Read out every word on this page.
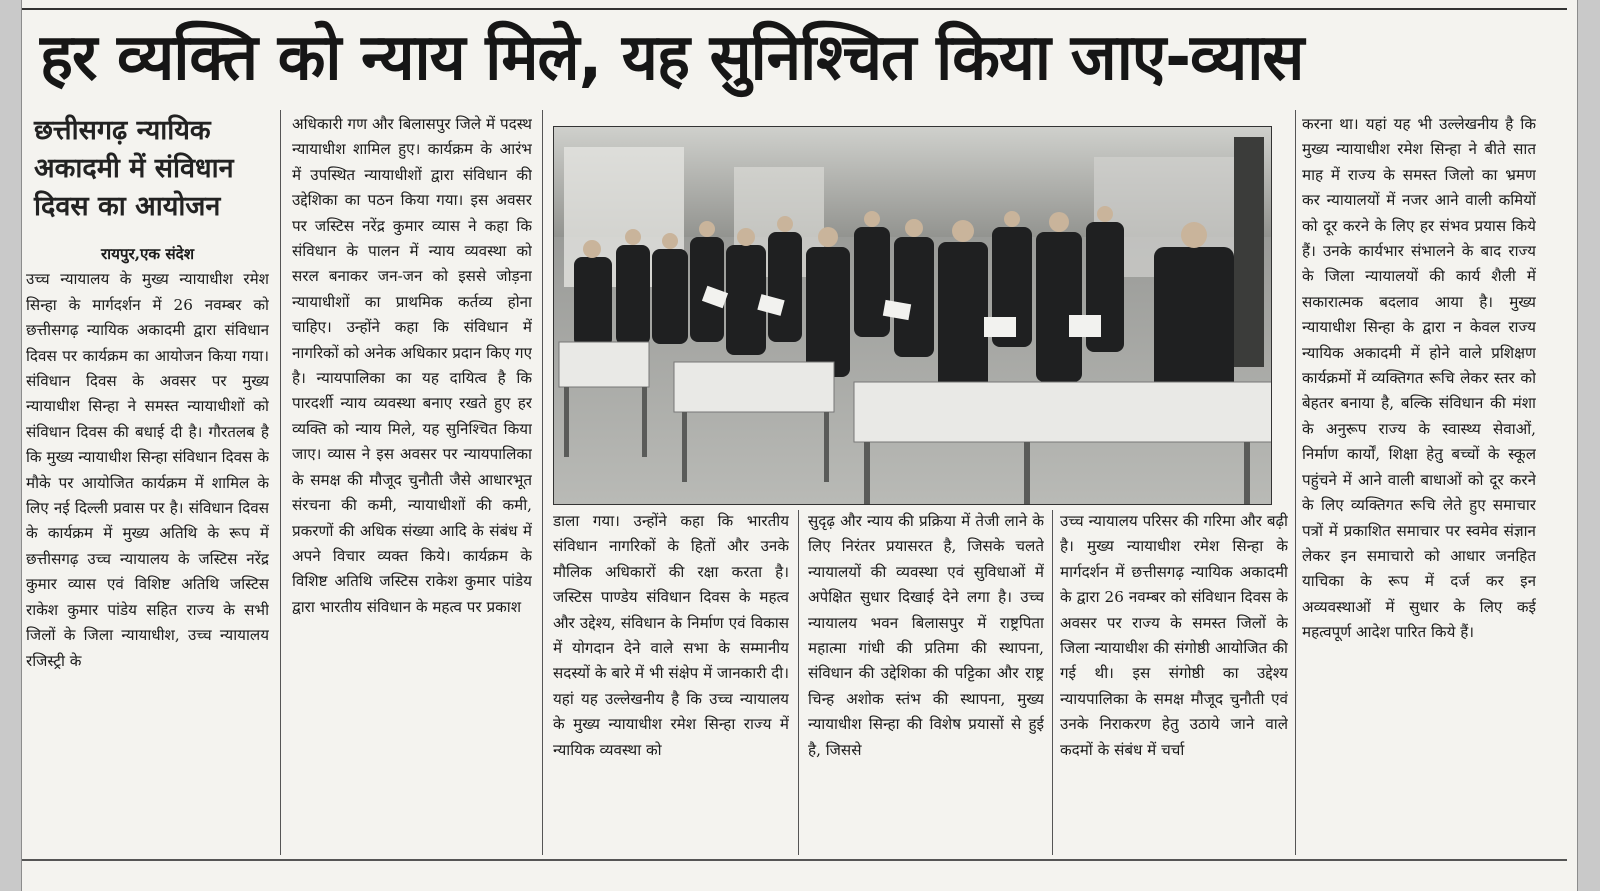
हर व्यक्ति को न्याय मिले, यह सुनिश्चित किया जाए-व्यास
छत्तीसगढ़ न्यायिक अकादमी में संविधान दिवस का आयोजन

रायपुर,एक संदेश

उच्च न्यायालय के मुख्य न्यायाधीश रमेश सिन्हा के मार्गदर्शन में 26 नवम्बर को छत्तीसगढ़ न्यायिक अकादमी द्वारा संविधान दिवस पर कार्यक्रम का आयोजन किया गया। संविधान दिवस के अवसर पर मुख्य न्यायाधीश सिन्हा ने समस्त न्यायाधीशों को संविधान दिवस की बधाई दी है। गौरतलब है कि मुख्य न्यायाधीश सिन्हा संविधान दिवस के मौके पर आयोजित कार्यक्रम में शामिल के लिए नई दिल्ली प्रवास पर है। संविधान दिवस के कार्यक्रम में मुख्य अतिथि के रूप में छत्तीसगढ़ उच्च न्यायालय के जस्टिस नरेंद्र कुमार व्यास एवं विशिष्ट अतिथि जस्टिस राकेश कुमार पांडेय सहित राज्य के सभी जिलों के जिला न्यायाधीश, उच्च न्यायालय रजिस्ट्री के

अधिकारी गण और बिलासपुर जिले में पदस्थ न्यायाधीश शामिल हुए। कार्यक्रम के आरंभ में उपस्थित न्यायाधीशों द्वारा संविधान की उद्देशिका का पठन किया गया। इस अवसर पर जस्टिस नरेंद्र कुमार व्यास ने कहा कि संविधान के पालन में न्याय व्यवस्था को सरल बनाकर जन-जन को इससे जोड़ना न्यायाधीशों का प्राथमिक कर्तव्य होना चाहिए। उन्होंने कहा कि संविधान में नागरिकों को अनेक अधिकार प्रदान किए गए है। न्यायपालिका का यह दायित्व है कि पारदर्शी न्याय व्यवस्था बनाए रखते हुए हर व्यक्ति को न्याय मिले, यह सुनिश्चित किया जाए। व्यास ने इस अवसर पर न्यायपालिका के समक्ष की मौजूद चुनौती जैसे आधारभूत संरचना की कमी, न्यायाधीशों की कमी, प्रकरणों की अधिक संख्या आदि के संबंध में अपने विचार व्यक्त किये। कार्यक्रम के विशिष्ट अतिथि जस्टिस राकेश कुमार पांडेय द्वारा भारतीय संविधान के महत्व पर प्रकाश

डाला गया। उन्होंने कहा कि भारतीय संविधान नागरिकों के हितों और उनके मौलिक अधिकारों की रक्षा करता है। जस्टिस पाण्डेय संविधान दिवस के महत्व और उद्देश्य, संविधान के निर्माण एवं विकास में योगदान देने वाले सभा के सम्मानीय सदस्यों के बारे में भी संक्षेप में जानकारी दी। यहां यह उल्लेखनीय है कि उच्च न्यायालय के मुख्य न्यायाधीश रमेश सिन्हा राज्य में न्यायिक व्यवस्था को

सुदृढ़ और न्याय की प्रक्रिया में तेजी लाने के लिए निरंतर प्रयासरत है, जिसके चलते न्यायालयों की व्यवस्था एवं सुविधाओं में अपेक्षित सुधार दिखाई देने लगा है। उच्च न्यायालय भवन बिलासपुर में राष्ट्रपिता महात्मा गांधी की प्रतिमा की स्थापना, संविधान की उद्देशिका की पट्टिका और राष्ट्र चिन्ह अशोक स्तंभ की स्थापना, मुख्य न्यायाधीश सिन्हा की विशेष प्रयासों से हुई है, जिससे

उच्च न्यायालय परिसर की गरिमा और बढ़ी है। मुख्य न्यायाधीश रमेश सिन्हा के मार्गदर्शन में छत्तीसगढ़ न्यायिक अकादमी के द्वारा 26 नवम्बर को संविधान दिवस के अवसर पर राज्य के समस्त जिलों के जिला न्यायाधीश की संगोष्ठी आयोजित की गई थी। इस संगोष्ठी का उद्देश्य न्यायपालिका के समक्ष मौजूद चुनौती एवं उनके निराकरण हेतु उठाये जाने वाले कदमों के संबंध में चर्चा

करना था। यहां यह भी उल्लेखनीय है कि मुख्य न्यायाधीश रमेश सिन्हा ने बीते सात माह में राज्य के समस्त जिलो का भ्रमण कर न्यायालयों में नजर आने वाली कमियों को दूर करने के लिए हर संभव प्रयास किये हैं। उनके कार्यभार संभालने के बाद राज्य के जिला न्यायालयों की कार्य शैली में सकारात्मक बदलाव आया है। मुख्य न्यायाधीश सिन्हा के द्वारा न केवल राज्य न्यायिक अकादमी में होने वाले प्रशिक्षण कार्यक्रमों में व्यक्तिगत रूचि लेकर स्तर को बेहतर बनाया है, बल्कि संविधान की मंशा के अनुरूप राज्य के स्वास्थ्य सेवाओं, निर्माण कार्यों, शिक्षा हेतु बच्चों के स्कूल पहुंचने में आने वाली बाधाओं को दूर करने के लिए व्यक्तिगत रूचि लेते हुए समाचार पत्रों में प्रकाशित समाचार पर स्वमेव संज्ञान लेकर इन समाचारो को आधार जनहित याचिका के रूप में दर्ज कर इन अव्यवस्थाओं में सुधार के लिए कई महत्वपूर्ण आदेश पारित किये हैं।
